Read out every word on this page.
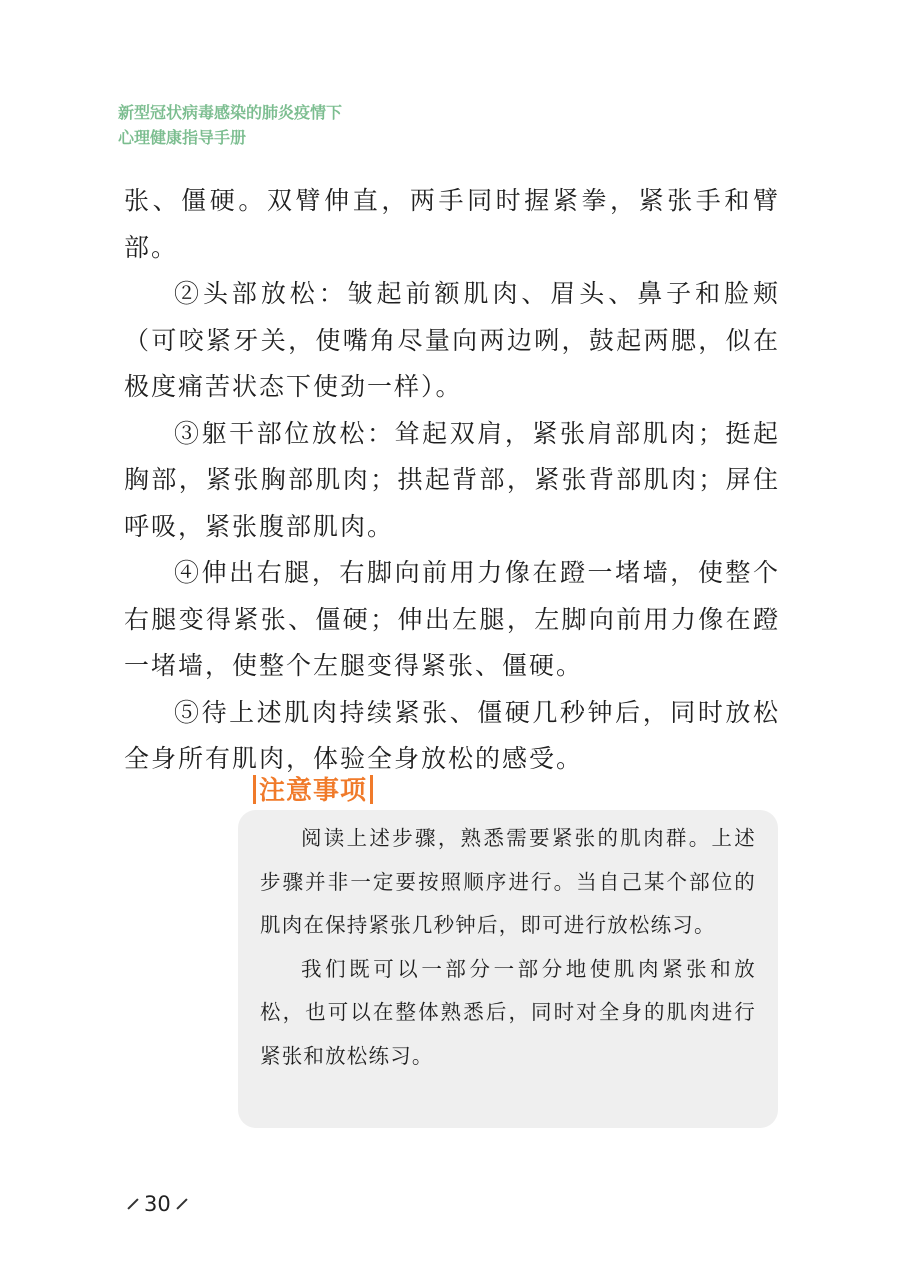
新型冠状病毒感染的肺炎疫情下
心理健康指导手册

张、僵硬。双臂伸直，两手同时握紧拳，紧张手和臂部。

②头部放松：皱起前额肌肉、眉头、鼻子和脸颊（可咬紧牙关，使嘴角尽量向两边咧，鼓起两腮，似在极度痛苦状态下使劲一样）。

③躯干部位放松：耸起双肩，紧张肩部肌肉；挺起胸部，紧张胸部肌肉；拱起背部，紧张背部肌肉；屏住呼吸，紧张腹部肌肉。

④伸出右腿，右脚向前用力像在蹬一堵墙，使整个右腿变得紧张、僵硬；伸出左腿，左脚向前用力像在蹬一堵墙，使整个左腿变得紧张、僵硬。

⑤待上述肌肉持续紧张、僵硬几秒钟后，同时放松全身所有肌肉，体验全身放松的感受。

注意事项

阅读上述步骤，熟悉需要紧张的肌肉群。上述步骤并非一定要按照顺序进行。当自己某个部位的肌肉在保持紧张几秒钟后，即可进行放松练习。

我们既可以一部分一部分地使肌肉紧张和放松，也可以在整体熟悉后，同时对全身的肌肉进行紧张和放松练习。

30
